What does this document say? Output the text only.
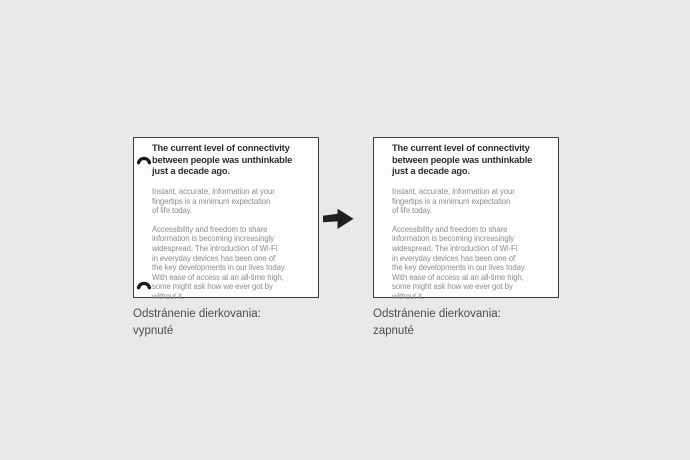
The current level of connectivity
between people was unthinkable
just a decade ago.

Instant, accurate, information at your
fingertips is a minimum expectation
of life today.

Accessibility and freedom to share
information is becoming increasingly
widespread. The introduction of Wi-Fi
in everyday devices has been one of
the key developments in our lives today.
With ease of access at an all-time high,
some might ask how we ever got by
without it.

Odstránenie dierkovania:
vypnuté
The current level of connectivity
between people was unthinkable
just a decade ago.

Instant, accurate, information at your
fingertips is a minimum expectation
of life today.

Accessibility and freedom to share
information is becoming increasingly
widespread. The introduction of Wi-Fi
in everyday devices has been one of
the key developments in our lives today.
With ease of access at an all-time high,
some might ask how we ever got by
without it.

Odstránenie dierkovania:
zapnuté
